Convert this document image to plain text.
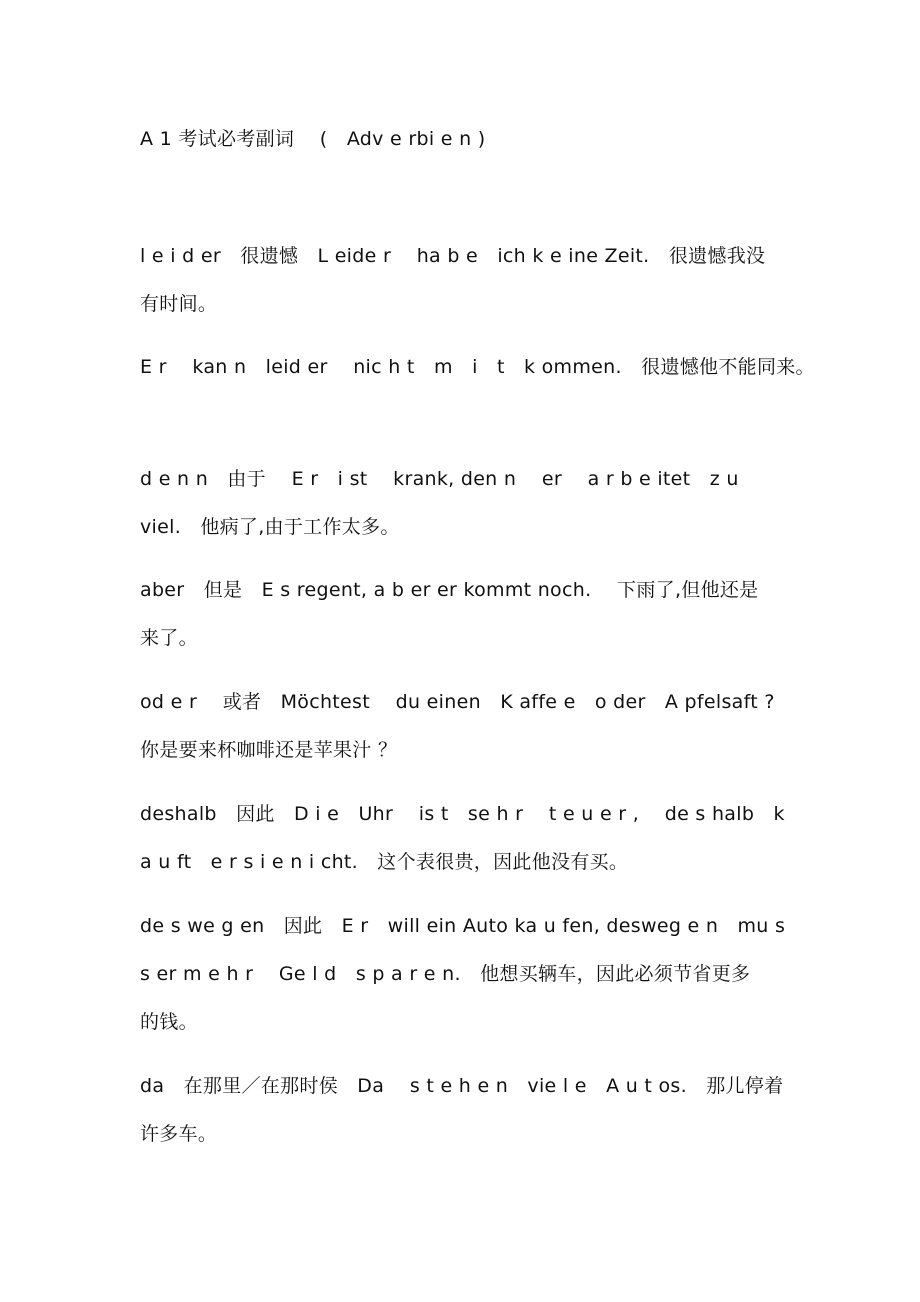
A 1 考试必考副词　 (　Adv e rbi e n )
l e i d er　很遗憾　L eide r　 ha b e　ich k e ine Zeit.　很遗憾我没
有时间。
E r　 kan n　leid er　 nic h t　m　i　t　k ommen.　很遗憾他不能同来。
d e n n　由于　 E r　i st　 krank, den n　 er　 a r b e itet　z u
viel.　他病了,由于工作太多。
aber　但是　E s regent, a b er er kommt noch.　 下雨了,但他还是
来了。
od e r　 或者　Möchtest　 du einen　K affe e　o der　A pfelsaft ?
你是要来杯咖啡还是苹果汁 ？
deshalb　因此　D i e　Uhr　 is t　se h r　 t e u e r ,　 de s halb　k
a u ft　e r s i e n i cht.　这个表很贵，因此他没有买。
de s we g en　因此　E r　will ein Auto ka u fen, desweg e n　mu s
s er m e h r　 Ge l d　s p a r e n.　他想买辆车，因此必须节省更多
的钱。
da　在那里／在那时侯　Da　 s t e h e n　vie l e　A u t os.　那儿停着
许多车。
